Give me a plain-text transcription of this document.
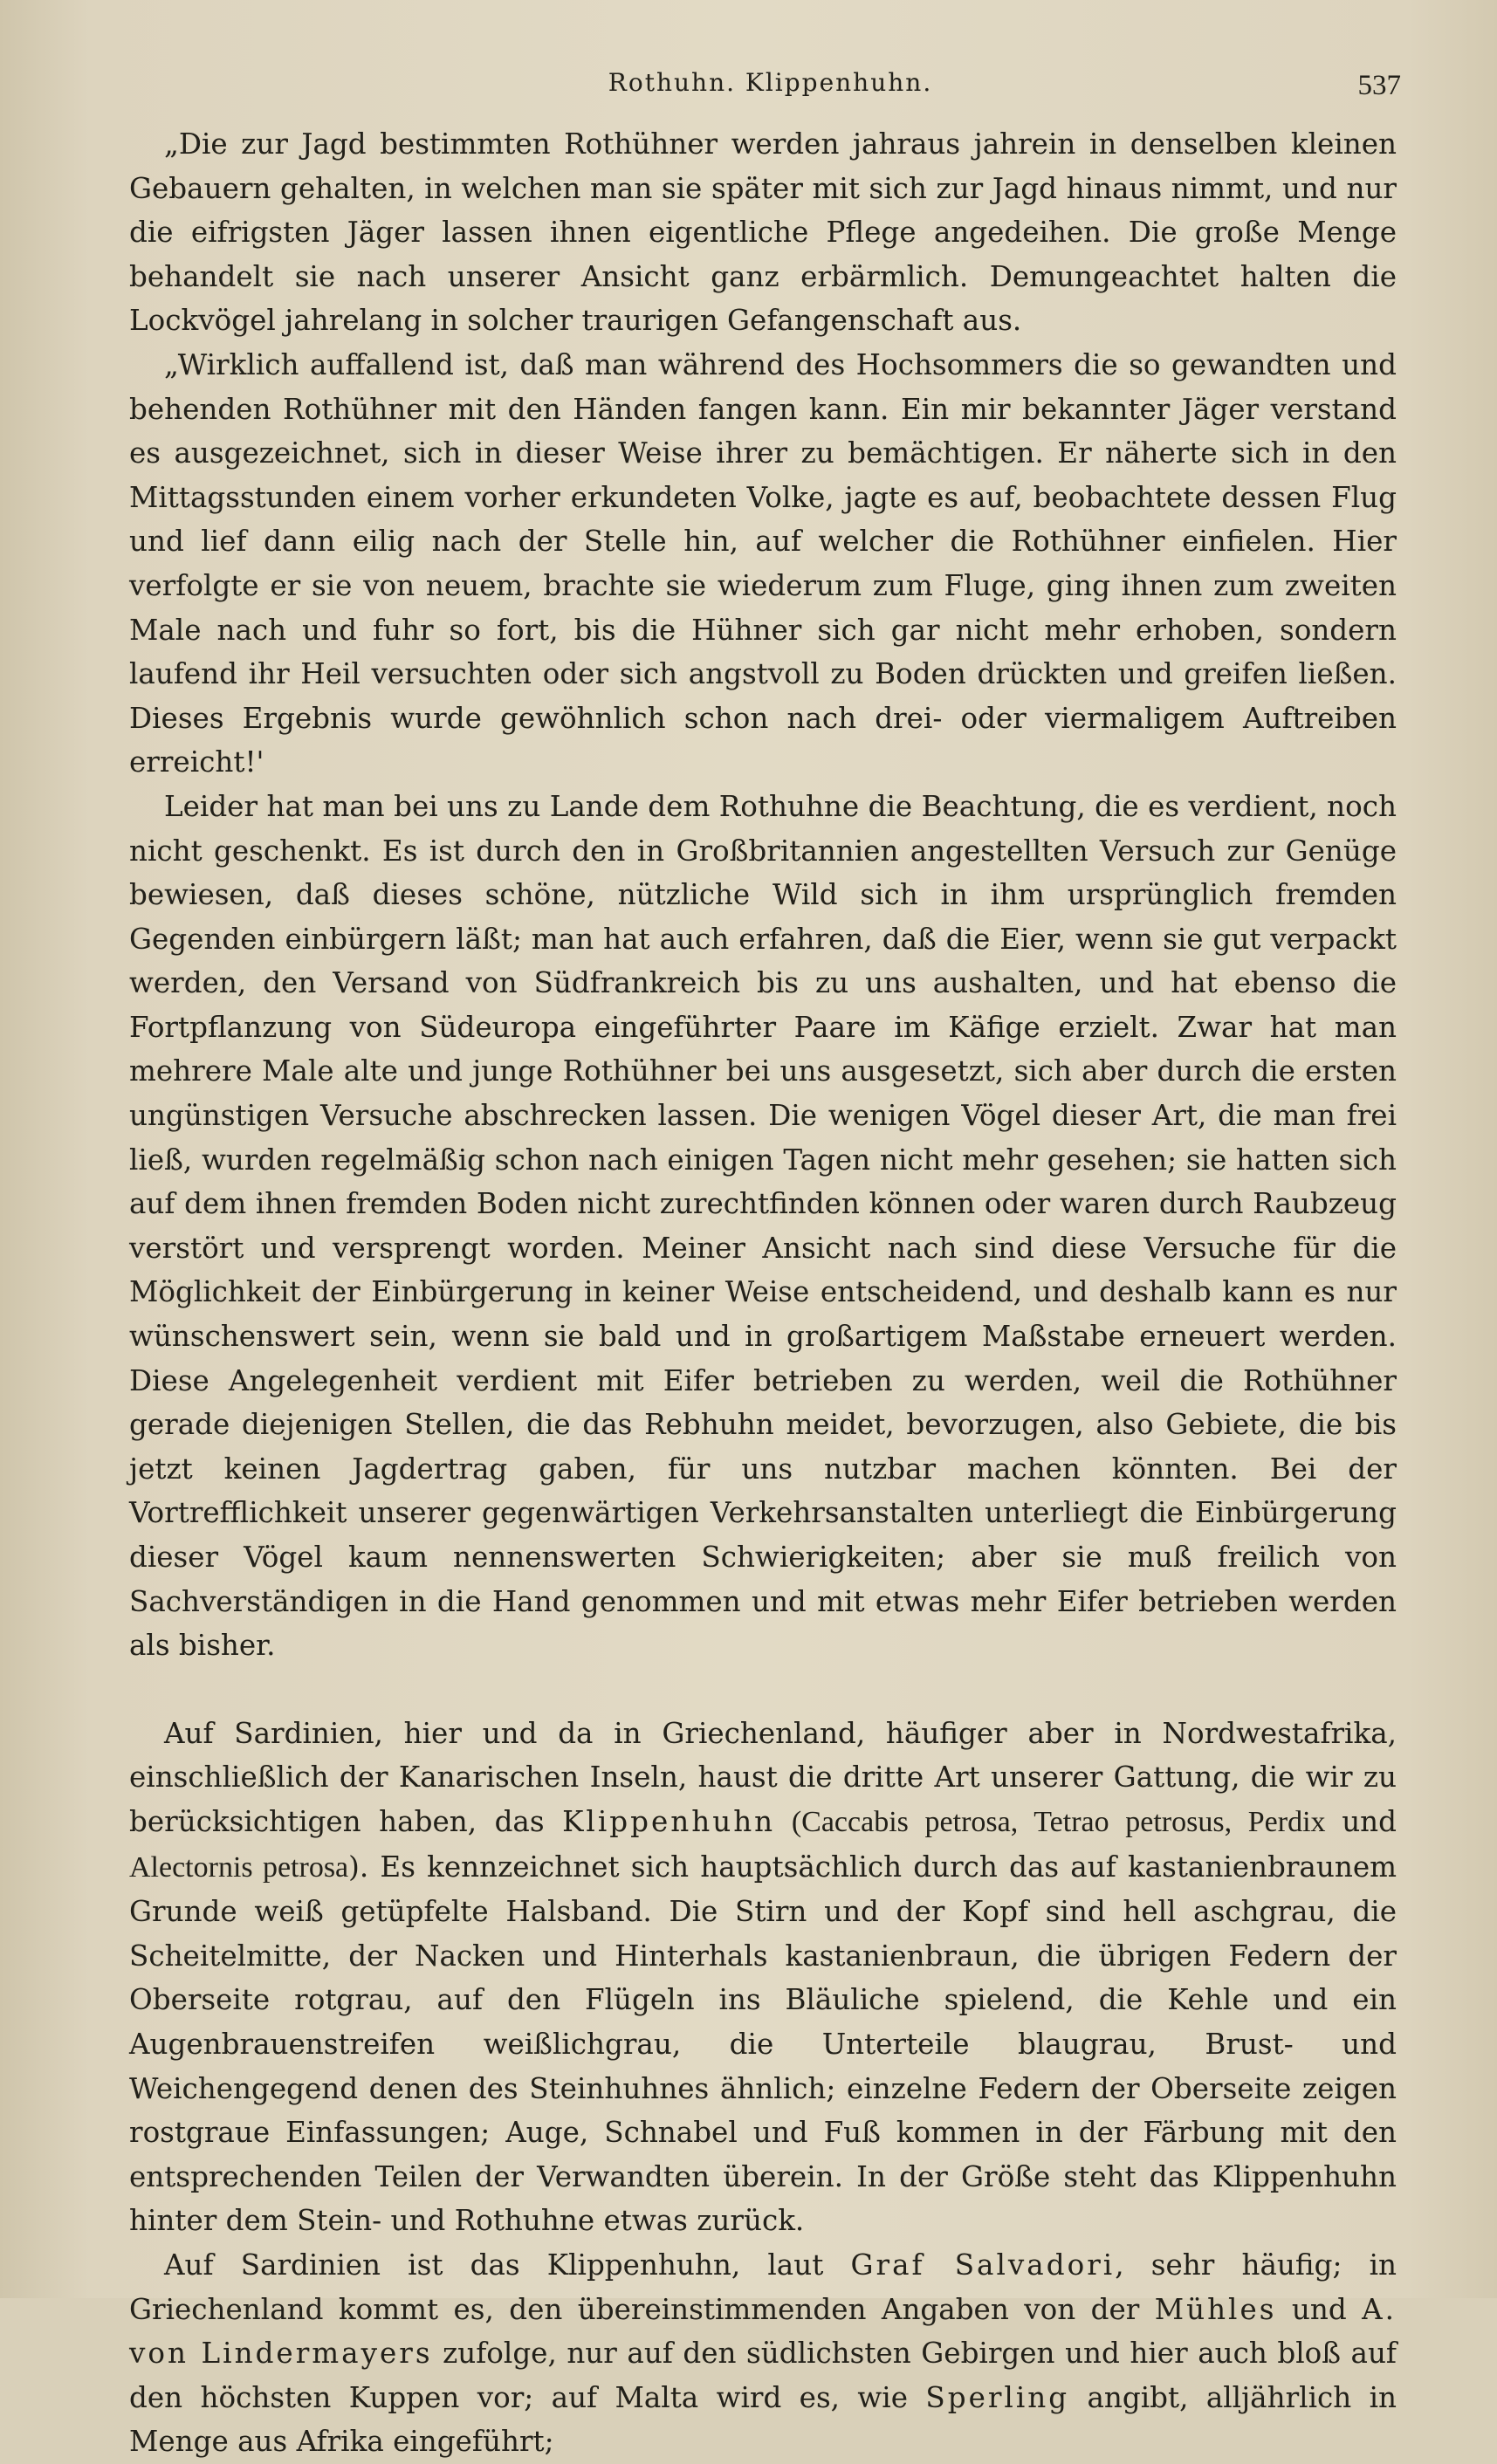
Rothuhn. Klippenhuhn.	537

„Die zur Jagd bestimmten Rothühner werden jahraus jahrein in denselben kleinen Gebauern gehalten, in welchen man sie später mit sich zur Jagd hinaus nimmt, und nur die eifrigsten Jäger lassen ihnen eigentliche Pflege angedeihen. Die große Menge behandelt sie nach unserer Ansicht ganz erbärmlich. Demungeachtet halten die Lockvögel jahrelang in solcher traurigen Gefangenschaft aus.

„Wirklich auffallend ist, daß man während des Hochsommers die so gewandten und behenden Rothühner mit den Händen fangen kann. Ein mir bekannter Jäger verstand es ausgezeichnet, sich in dieser Weise ihrer zu bemächtigen. Er näherte sich in den Mittagsstunden einem vorher erkundeten Volke, jagte es auf, beobachtete dessen Flug und lief dann eilig nach der Stelle hin, auf welcher die Rothühner einfielen. Hier verfolgte er sie von neuem, brachte sie wiederum zum Fluge, ging ihnen zum zweiten Male nach und fuhr so fort, bis die Hühner sich gar nicht mehr erhoben, sondern laufend ihr Heil versuchten oder sich angstvoll zu Boden drückten und greifen ließen. Dieses Ergebnis wurde gewöhnlich schon nach drei- oder viermaligem Auftreiben erreicht!'

Leider hat man bei uns zu Lande dem Rothuhne die Beachtung, die es verdient, noch nicht geschenkt. Es ist durch den in Großbritannien angestellten Versuch zur Genüge bewiesen, daß dieses schöne, nützliche Wild sich in ihm ursprünglich fremden Gegenden einbürgern läßt; man hat auch erfahren, daß die Eier, wenn sie gut verpackt werden, den Versand von Südfrankreich bis zu uns aushalten, und hat ebenso die Fortpflanzung von Südeuropa eingeführter Paare im Käfige erzielt. Zwar hat man mehrere Male alte und junge Rothühner bei uns ausgesetzt, sich aber durch die ersten ungünstigen Versuche abschrecken lassen. Die wenigen Vögel dieser Art, die man frei ließ, wurden regelmäßig schon nach einigen Tagen nicht mehr gesehen; sie hatten sich auf dem ihnen fremden Boden nicht zurechtfinden können oder waren durch Raubzeug verstört und versprengt worden. Meiner Ansicht nach sind diese Versuche für die Möglichkeit der Einbürgerung in keiner Weise entscheidend, und deshalb kann es nur wünschenswert sein, wenn sie bald und in großartigem Maßstabe erneuert werden. Diese Angelegenheit verdient mit Eifer betrieben zu werden, weil die Rothühner gerade diejenigen Stellen, die das Rebhuhn meidet, bevorzugen, also Gebiete, die bis jetzt keinen Jagdertrag gaben, für uns nutzbar machen könnten. Bei der Vortrefflichkeit unserer gegenwärtigen Verkehrsanstalten unterliegt die Einbürgerung dieser Vögel kaum nennenswerten Schwierigkeiten; aber sie muß freilich von Sachverständigen in die Hand genommen und mit etwas mehr Eifer betrieben werden als bisher.

Auf Sardinien, hier und da in Griechenland, häufiger aber in Nordwestafrika, einschließlich der Kanarischen Inseln, haust die dritte Art unserer Gattung, die wir zu berücksichtigen haben, das Klippenhuhn (Caccabis petrosa, Tetrao petrosus, Perdix und Alectornis petrosa). Es kennzeichnet sich hauptsächlich durch das auf kastanienbraunem Grunde weiß getüpfelte Halsband. Die Stirn und der Kopf sind hell aschgrau, die Scheitelmitte, der Nacken und Hinterhals kastanienbraun, die übrigen Federn der Oberseite rotgrau, auf den Flügeln ins Bläuliche spielend, die Kehle und ein Augenbrauenstreifen weißlichgrau, die Unterteile blaugrau, Brust- und Weichengegend denen des Steinhuhnes ähnlich; einzelne Federn der Oberseite zeigen rostgraue Einfassungen; Auge, Schnabel und Fuß kommen in der Färbung mit den entsprechenden Teilen der Verwandten überein. In der Größe steht das Klippenhuhn hinter dem Stein- und Rothuhne etwas zurück.

Auf Sardinien ist das Klippenhuhn, laut Graf Salvadori, sehr häufig; in Griechenland kommt es, den übereinstimmenden Angaben von der Mühles und A. von Lindermayers zufolge, nur auf den südlichsten Gebirgen und hier auch bloß auf den höchsten Kuppen vor; auf Malta wird es, wie Sperling angibt, alljährlich in Menge aus Afrika eingeführt;
